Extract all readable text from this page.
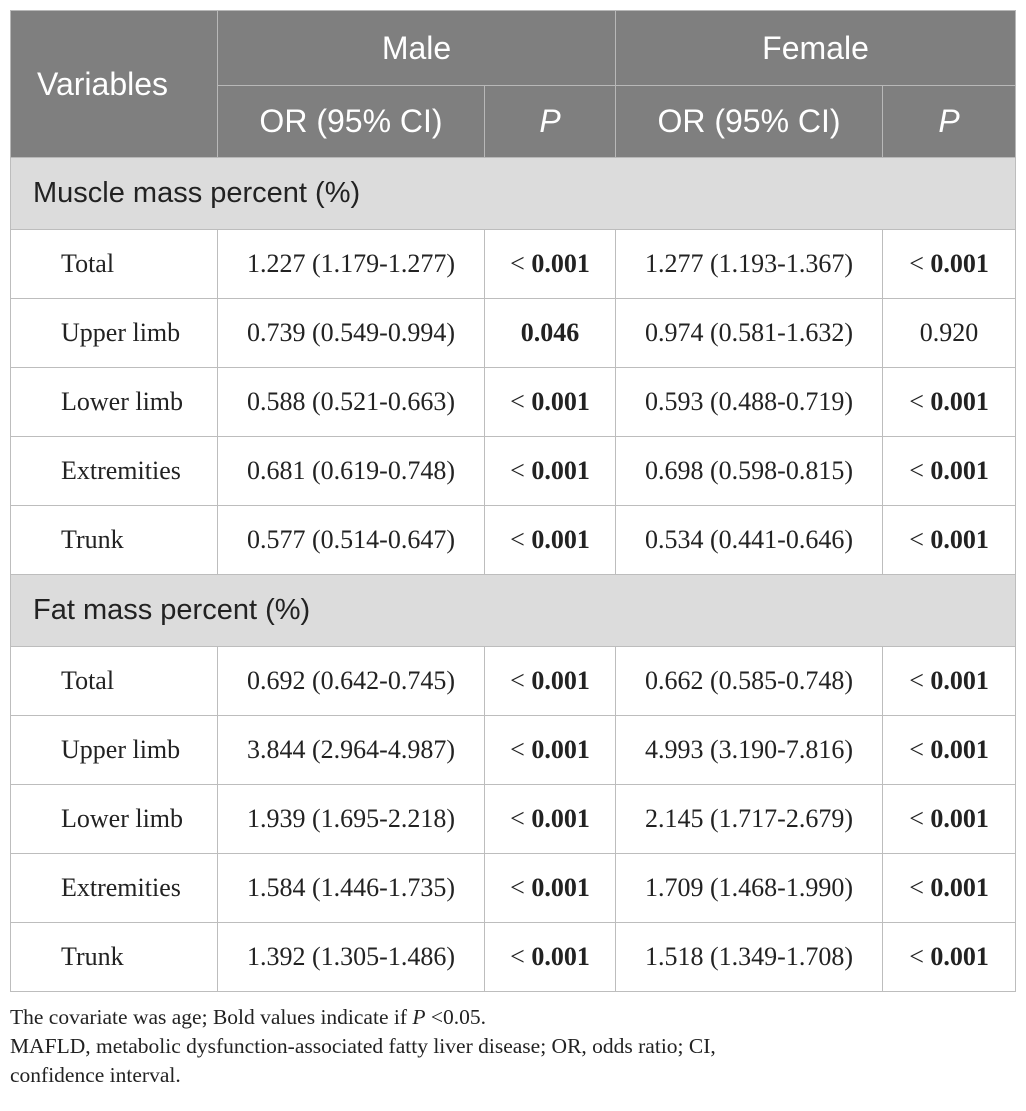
Variables	Male		Female	
	OR (95% CI)	P	OR (95% CI)	P
Muscle mass percent (%)				
Total	1.227 (1.179-1.277)	< 0.001	1.277 (1.193-1.367)	< 0.001
Upper limb	0.739 (0.549-0.994)	0.046	0.974 (0.581-1.632)	0.920
Lower limb	0.588 (0.521-0.663)	< 0.001	0.593 (0.488-0.719)	< 0.001
Extremities	0.681 (0.619-0.748)	< 0.001	0.698 (0.598-0.815)	< 0.001
Trunk	0.577 (0.514-0.647)	< 0.001	0.534 (0.441-0.646)	< 0.001
Fat mass percent (%)				
Total	0.692 (0.642-0.745)	< 0.001	0.662 (0.585-0.748)	< 0.001
Upper limb	3.844 (2.964-4.987)	< 0.001	4.993 (3.190-7.816)	< 0.001
Lower limb	1.939 (1.695-2.218)	< 0.001	2.145 (1.717-2.679)	< 0.001
Extremities	1.584 (1.446-1.735)	< 0.001	1.709 (1.468-1.990)	< 0.001
Trunk	1.392 (1.305-1.486)	< 0.001	1.518 (1.349-1.708)	< 0.001

The covariate was age; Bold values indicate if P <0.05.

MAFLD, metabolic dysfunction-associated fatty liver disease; OR, odds ratio; CI,
confidence interval.
